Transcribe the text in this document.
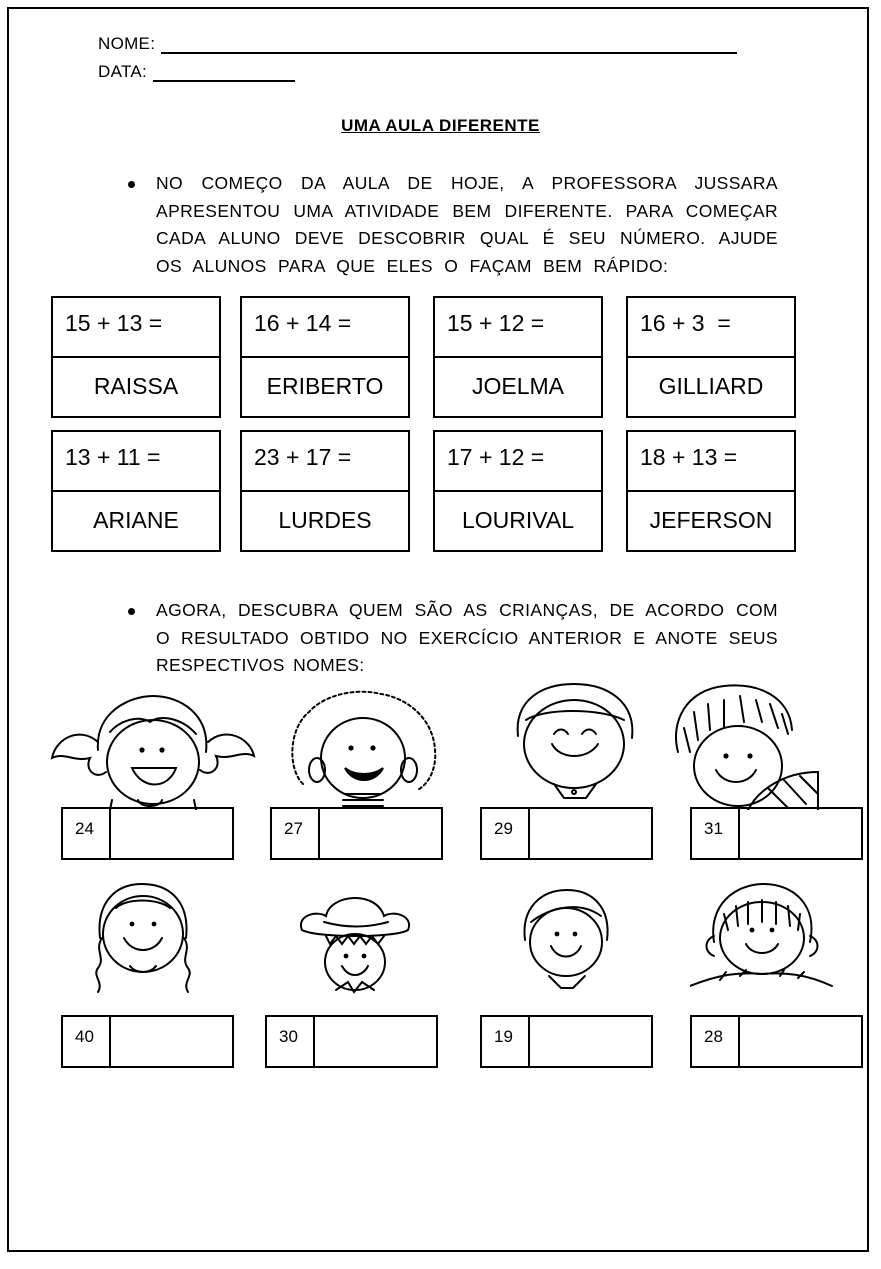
NOME:
DATA:
UMA AULA DIFERENTE
NO COMEÇO DA AULA DE HOJE, A PROFESSORA JUSSARA
APRESENTOU UMA ATIVIDADE BEM DIFERENTE. PARA COMEÇAR
CADA ALUNO DEVE DESCOBRIR QUAL É SEU NÚMERO. AJUDE
OS ALUNOS PARA QUE ELES O FAÇAM BEM RÁPIDO:
15 + 13 =
RAISSA
16 + 14 =
ERIBERTO
15 + 12 =
JOELMA
16 + 3  =
GILLIARD
13 + 11 =
ARIANE
23 + 17 =
LURDES
17 + 12 =
LOURIVAL
18 + 13 =
JEFERSON
AGORA, DESCUBRA QUEM SÃO AS CRIANÇAS, DE ACORDO COM
O RESULTADO OBTIDO NO EXERCÍCIO ANTERIOR E ANOTE SEUS
RESPECTIVOS NOMES:
24	27	29	31
40	30	19	28
